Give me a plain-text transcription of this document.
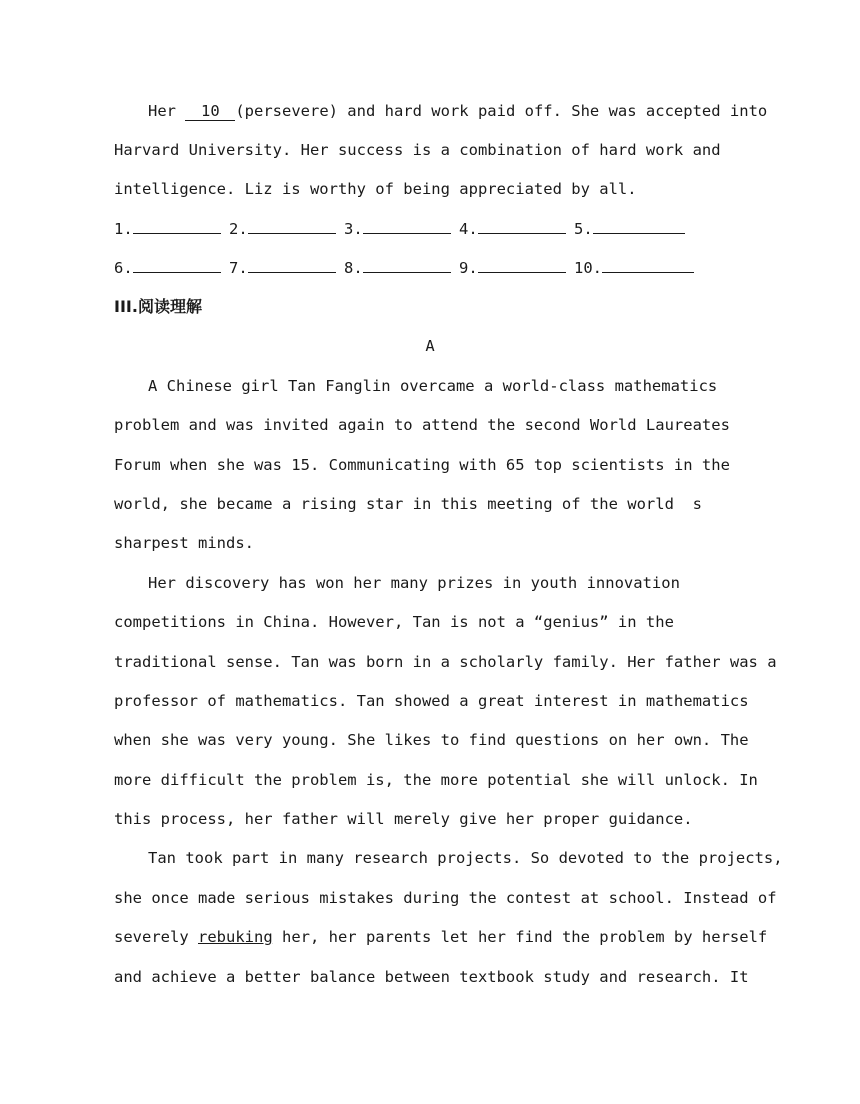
Her 10 (persevere) and hard work paid off. She was accepted into
Harvard University. Her success is a combination of hard work and
intelligence. Liz is worthy of being appreciated by all.
1.	2.	3.	4.	5.
6.	7.	8.	9.	10.
III.阅读理解
A
A Chinese girl Tan Fanglin overcame a world-class mathematics
problem and was invited again to attend the second World Laureates
Forum when she was 15. Communicating with 65 top scientists in the
world, she became a rising star in this meeting of the world  s
sharpest minds.
Her discovery has won her many prizes in youth innovation
competitions in China. However, Tan is not a “genius” in the
traditional sense. Tan was born in a scholarly family. Her father was a
professor of mathematics. Tan showed a great interest in mathematics
when she was very young. She likes to find questions on her own. The
more difficult the problem is, the more potential she will unlock. In
this process, her father will merely give her proper guidance.
Tan took part in many research projects. So devoted to the projects,
she once made serious mistakes during the contest at school. Instead of
severely rebuking her, her parents let her find the problem by herself
and achieve a better balance between textbook study and research. It
